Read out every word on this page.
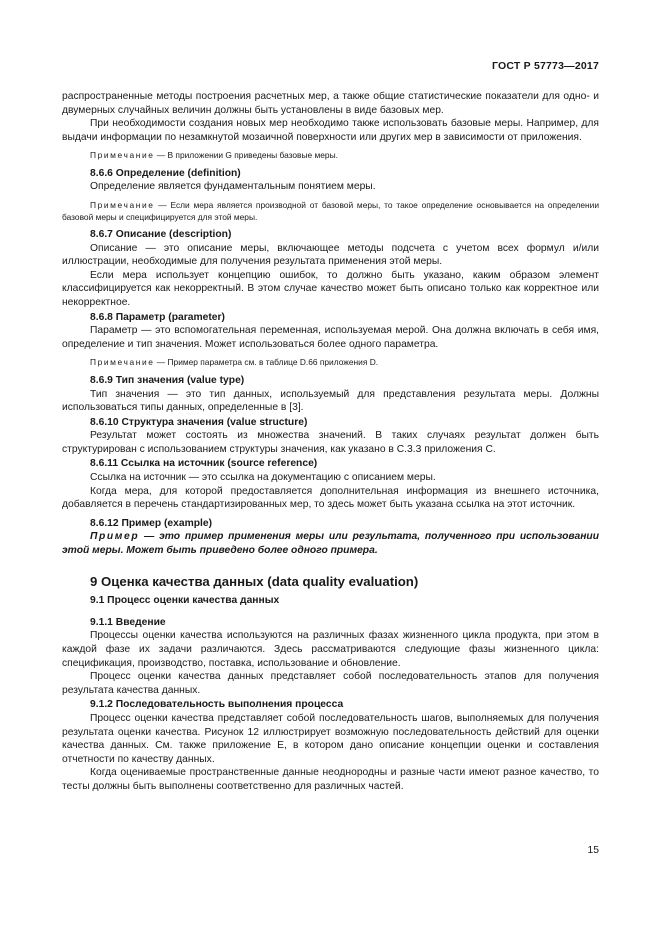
ГОСТ Р 57773—2017

распространенные методы построения расчетных мер, а также общие статистические показатели для одно- и двумерных случайных величин должны быть установлены в виде базовых мер.

При необходимости создания новых мер необходимо также использовать базовые меры. Например, для выдачи информации по незамкнутой мозаичной поверхности или других мер в зависимости от приложения.

Примечание — В приложении G приведены базовые меры.

8.6.6 Определение (definition)

Определение является фундаментальным понятием меры.

Примечание — Если мера является производной от базовой меры, то такое определение основывается на определении базовой меры и специфицируется для этой меры.

8.6.7 Описание (description)

Описание — это описание меры, включающее методы подсчета с учетом всех формул и/или иллюстрации, необходимые для получения результата применения этой меры.

Если мера использует концепцию ошибок, то должно быть указано, каким образом элемент классифицируется как некорректный. В этом случае качество может быть описано только как корректное или некорректное.

8.6.8 Параметр (parameter)

Параметр — это вспомогательная переменная, используемая мерой. Она должна включать в себя имя, определение и тип значения. Может использоваться более одного параметра.

Примечание — Пример параметра см. в таблице D.66 приложения D.

8.6.9 Тип значения (value type)

Тип значения — это тип данных, используемый для представления результата меры. Должны использоваться типы данных, определенные в [3].

8.6.10 Структура значения (value structure)

Результат может состоять из множества значений. В таких случаях результат должен быть структурирован с использованием структуры значения, как указано в С.3.3 приложения С.

8.6.11 Ссылка на источник (source reference)

Ссылка на источник — это ссылка на документацию с описанием меры.

Когда мера, для которой предоставляется дополнительная информация из внешнего источника, добавляется в перечень стандартизированных мер, то здесь может быть указана ссылка на этот источник.

8.6.12 Пример (example)

Пример — это пример применения меры или результата, полученного при использовании этой меры. Может быть приведено более одного примера.

9 Оценка качества данных (data quality evaluation)
9.1 Процесс оценки качества данных
9.1.1 Введение

Процессы оценки качества используются на различных фазах жизненного цикла продукта, при этом в каждой фазе их задачи различаются. Здесь рассматриваются следующие фазы жизненного цикла: спецификация, производство, поставка, использование и обновление.

Процесс оценки качества данных представляет собой последовательность этапов для получения результата качества данных.

9.1.2 Последовательность выполнения процесса

Процесс оценки качества представляет собой последовательность шагов, выполняемых для получения результата оценки качества. Рисунок 12 иллюстрирует возможную последовательность действий для оценки качества данных. См. также приложение Е, в котором дано описание концепции оценки и составления отчетности по качеству данных.

Когда оцениваемые пространственные данные неоднородны и разные части имеют разное качество, то тесты должны быть выполнены соответственно для различных частей.

15
